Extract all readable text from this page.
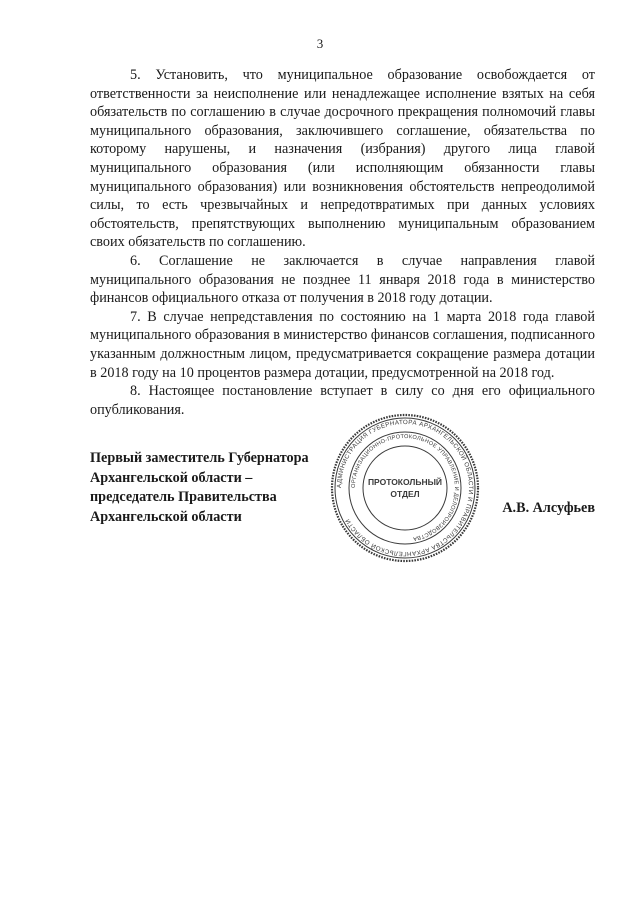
3

5. Установить, что муниципальное образование освобождается от ответственности за неисполнение или ненадлежащее исполнение взятых на себя обязательств по соглашению в случае досрочного прекращения полномочий главы муниципального образования, заключившего соглашение, обязательства по которому нарушены, и назначения (избрания) другого лица главой муниципального образования (или исполняющим обязанности главы муниципального образования) или возникновения обстоятельств непреодолимой силы, то есть чрезвычайных и непредотвратимых при данных условиях обстоятельств, препятствующих выполнению муниципальным образованием своих обязательств по соглашению.

6. Соглашение не заключается в случае направления главой муниципального образования не позднее 11 января 2018 года в министерство финансов официального отказа от получения в 2018 году дотации.

7. В случае непредставления по состоянию на 1 марта 2018 года главой муниципального образования в министерство финансов соглашения, подписанного указанным должностным лицом, предусматривается сокращение размера дотации в 2018 году на 10 процентов размера дотации, предусмотренной на 2018 год.

8. Настоящее постановление вступает в силу со дня его официального опубликования.

Первый заместитель Губернатора
Архангельской области –
председатель Правительства
Архангельской области
АДМИНИСТРАЦИЯ ГУБЕРНАТОРА АРХАНГЕЛЬСКОЙ ОБЛАСТИ И ПРАВИТЕЛЬСТВА АРХАНГЕЛЬСКОЙ ОБЛАСТИ
ОРГАНИЗАЦИОННО-ПРОТОКОЛЬНОЕ УПРАВЛЕНИЕ И ДЕЛОПРОИЗВОДСТВА
ПРОТОКОЛЬНЫЙ
ОТДЕЛ
А.В. Алсуфьев
